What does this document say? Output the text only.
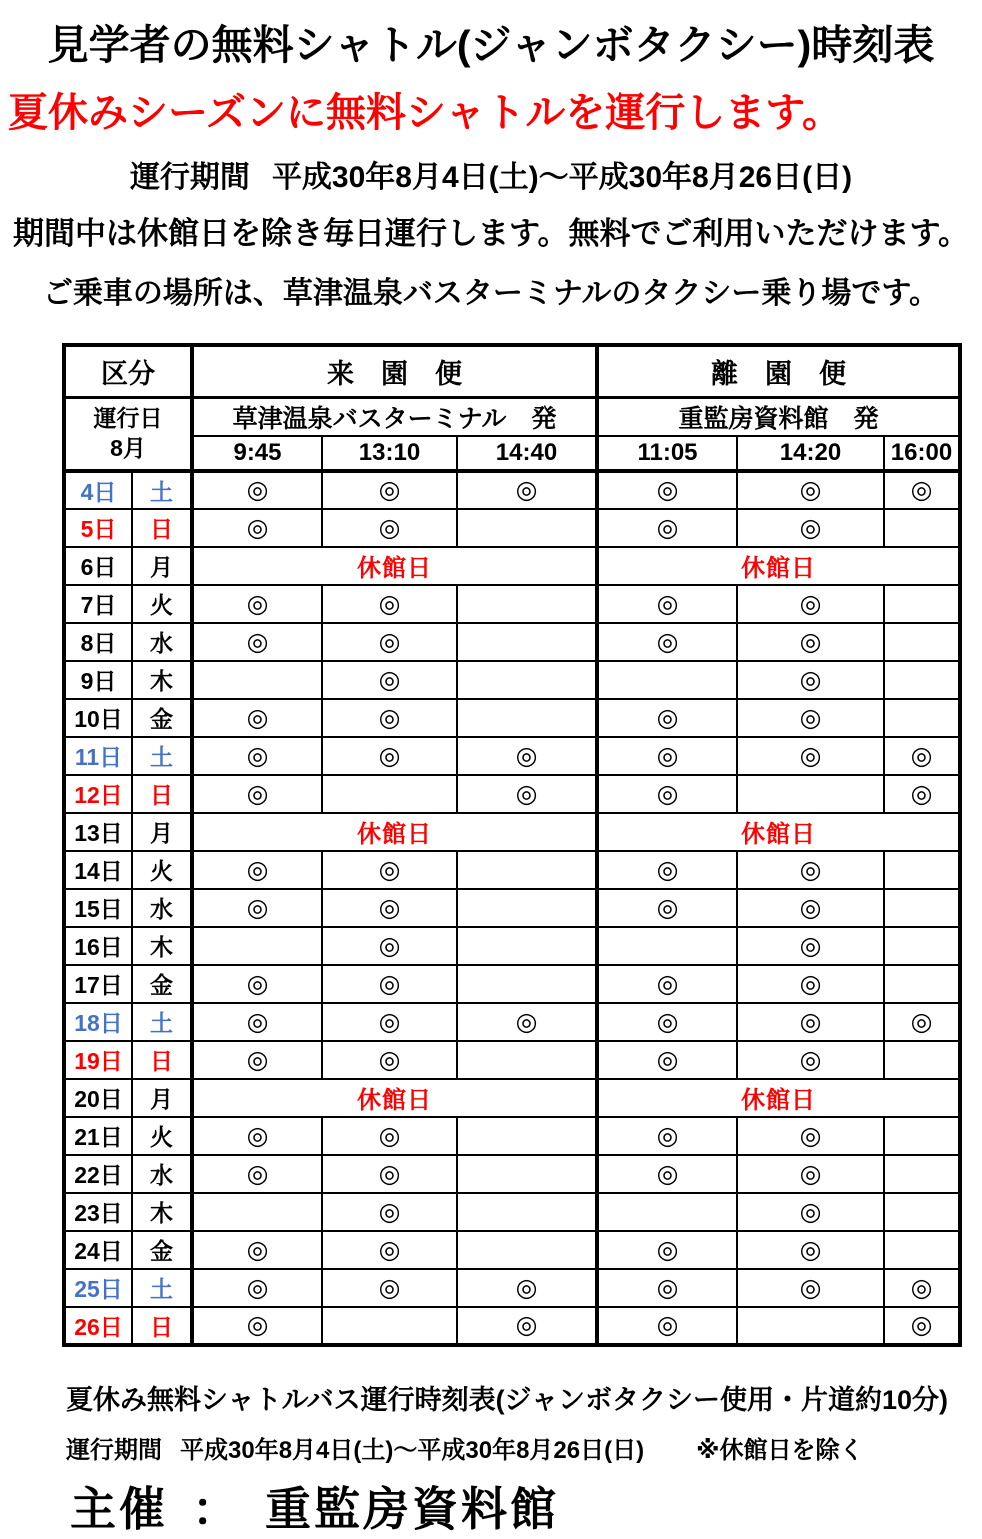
見学者の無料シャトル(ジャンボタクシー)時刻表
夏休みシーズンに無料シャトルを運行します。
運行期間 平成30年8月4日(土)～平成30年8月26日(日)
期間中は休館日を除き毎日運行します。無料でご利用いただけます。
ご乗車の場所は、草津温泉バスターミナルのタクシー乗り場です。
区分		来　園　便			離　園　便		

運行日
8月		草津温泉バスターミナル　発			重監房資料館　発		
		9:45	13:10	14:40	11:05	14:20	16:00
4日	土	◎	◎	◎	◎	◎	◎
5日	日	◎	◎		◎	◎	
6日	月	休館日			休館日		
7日	火	◎	◎		◎	◎	
8日	水	◎	◎		◎	◎	
9日	木		◎			◎	
10日	金	◎	◎		◎	◎	
11日	土	◎	◎	◎	◎	◎	◎
12日	日	◎		◎	◎		◎
13日	月	休館日			休館日		
14日	火	◎	◎		◎	◎	
15日	水	◎	◎		◎	◎	
16日	木		◎			◎	
17日	金	◎	◎		◎	◎	
18日	土	◎	◎	◎	◎	◎	◎
19日	日	◎	◎		◎	◎	
20日	月	休館日			休館日		
21日	火	◎	◎		◎	◎	
22日	水	◎	◎		◎	◎	
23日	木		◎			◎	
24日	金	◎	◎		◎	◎	
25日	土	◎	◎	◎	◎	◎	◎
26日	日	◎		◎	◎		◎
夏休み無料シャトルバス運行時刻表(ジャンボタクシー使用・片道約10分)
運行期間 平成30年8月4日(土)～平成30年8月26日(日) ※休館日を除く
主催 ： 重監房資料館
